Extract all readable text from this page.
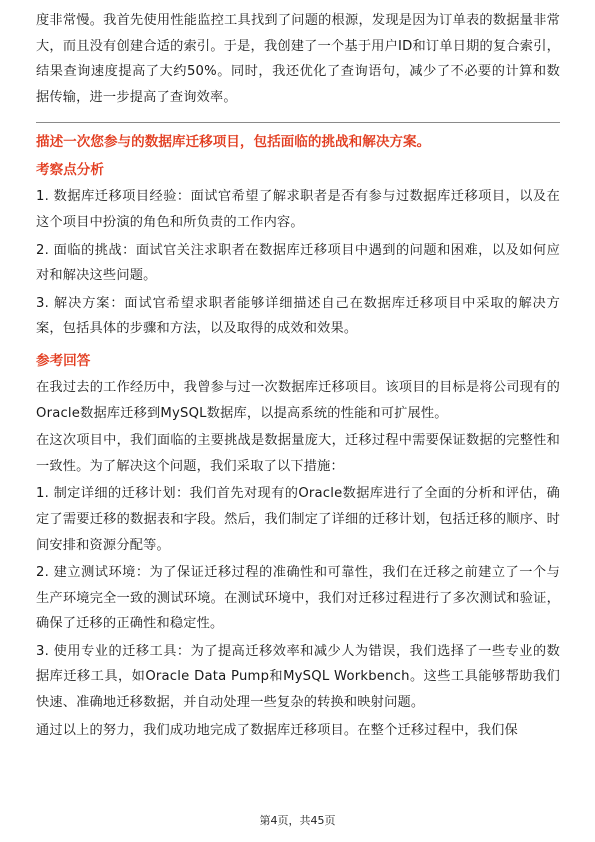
度非常慢。我首先使用性能监控工具找到了问题的根源，发现是因为订单表的数据量非常大，而且没有创建合适的索引。于是，我创建了一个基于用户ID和订单日期的复合索引，结果查询速度提高了大约50%。同时，我还优化了查询语句，减少了不必要的计算和数据传输，进一步提高了查询效率。

描述一次您参与的数据库迁移项目，包括面临的挑战和解决方案。

考察点分析

1. 数据库迁移项目经验：面试官希望了解求职者是否有参与过数据库迁移项目，以及在这个项目中扮演的角色和所负责的工作内容。

2. 面临的挑战：面试官关注求职者在数据库迁移项目中遇到的问题和困难，以及如何应对和解决这些问题。

3. 解决方案：面试官希望求职者能够详细描述自己在数据库迁移项目中采取的解决方案，包括具体的步骤和方法，以及取得的成效和效果。

参考回答

在我过去的工作经历中，我曾参与过一次数据库迁移项目。该项目的目标是将公司现有的Oracle数据库迁移到MySQL数据库，以提高系统的性能和可扩展性。

在这次项目中，我们面临的主要挑战是数据量庞大，迁移过程中需要保证数据的完整性和一致性。为了解决这个问题，我们采取了以下措施：

1. 制定详细的迁移计划：我们首先对现有的Oracle数据库进行了全面的分析和评估，确定了需要迁移的数据表和字段。然后，我们制定了详细的迁移计划，包括迁移的顺序、时间安排和资源分配等。

2. 建立测试环境：为了保证迁移过程的准确性和可靠性，我们在迁移之前建立了一个与生产环境完全一致的测试环境。在测试环境中，我们对迁移过程进行了多次测试和验证，确保了迁移的正确性和稳定性。

3. 使用专业的迁移工具：为了提高迁移效率和减少人为错误，我们选择了一些专业的数据库迁移工具，如Oracle Data Pump和MySQL Workbench。这些工具能够帮助我们快速、准确地迁移数据，并自动处理一些复杂的转换和映射问题。

通过以上的努力，我们成功地完成了数据库迁移项目。在整个迁移过程中，我们保

第4页，共45页
